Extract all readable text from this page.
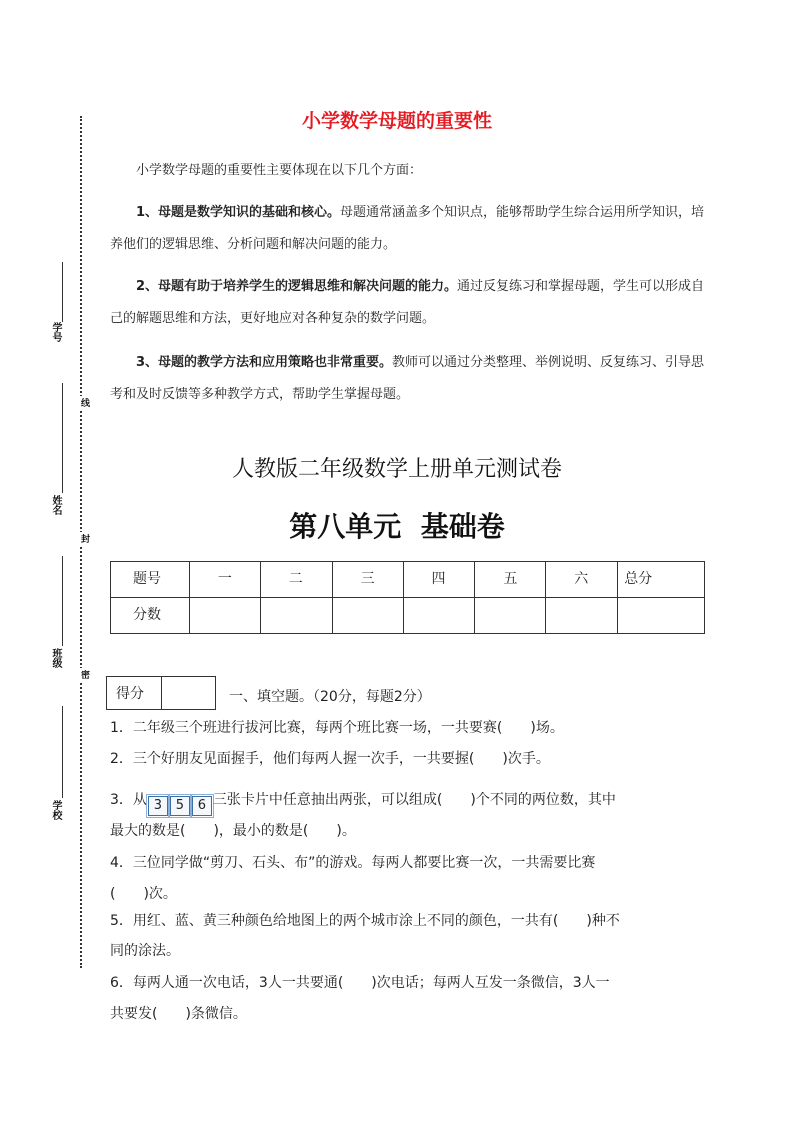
学号
姓名
班级
学校
线
封
密
小学数学母题的重要性
小学数学母题的重要性主要体现在以下几个方面：
1、母题是数学知识的基础和核心。母题通常涵盖多个知识点，能够帮助学生综合运用所学知识，培养他们的逻辑思维、分析问题和解决问题的能力。
2、母题有助于培养学生的逻辑思维和解决问题的能力。通过反复练习和掌握母题，学生可以形成自己的解题思维和方法，更好地应对各种复杂的数学问题。
3、母题的教学方法和应用策略也非常重要。教师可以通过分类整理、举例说明、反复练习、引导思考和及时反馈等多种教学方式，帮助学生掌握母题。
人教版二年级数学上册单元测试卷
第八单元  基础卷
题号	一	二	三	四	五	六	总分
分数							
得分	一、填空题。（20分，每题2分）
1．二年级三个班进行拔河比赛，每两个班比赛一场，一共要赛(　　)场。
2．三个好朋友见面握手，他们每两人握一次手，一共要握(　　)次手。
3．从 3	5	6 三张卡片中任意抽出两张，可以组成(　　)个不同的两位数，其中
最大的数是(　　)，最小的数是(　　)。
4．三位同学做“剪刀、石头、布”的游戏。每两人都要比赛一次，一共需要比赛
(　　)次。
5．用红、蓝、黄三种颜色给地图上的两个城市涂上不同的颜色，一共有(　　)种不
同的涂法。
6．每两人通一次电话，3人一共要通(　　)次电话；每两人互发一条微信，3人一
共要发(　　)条微信。
